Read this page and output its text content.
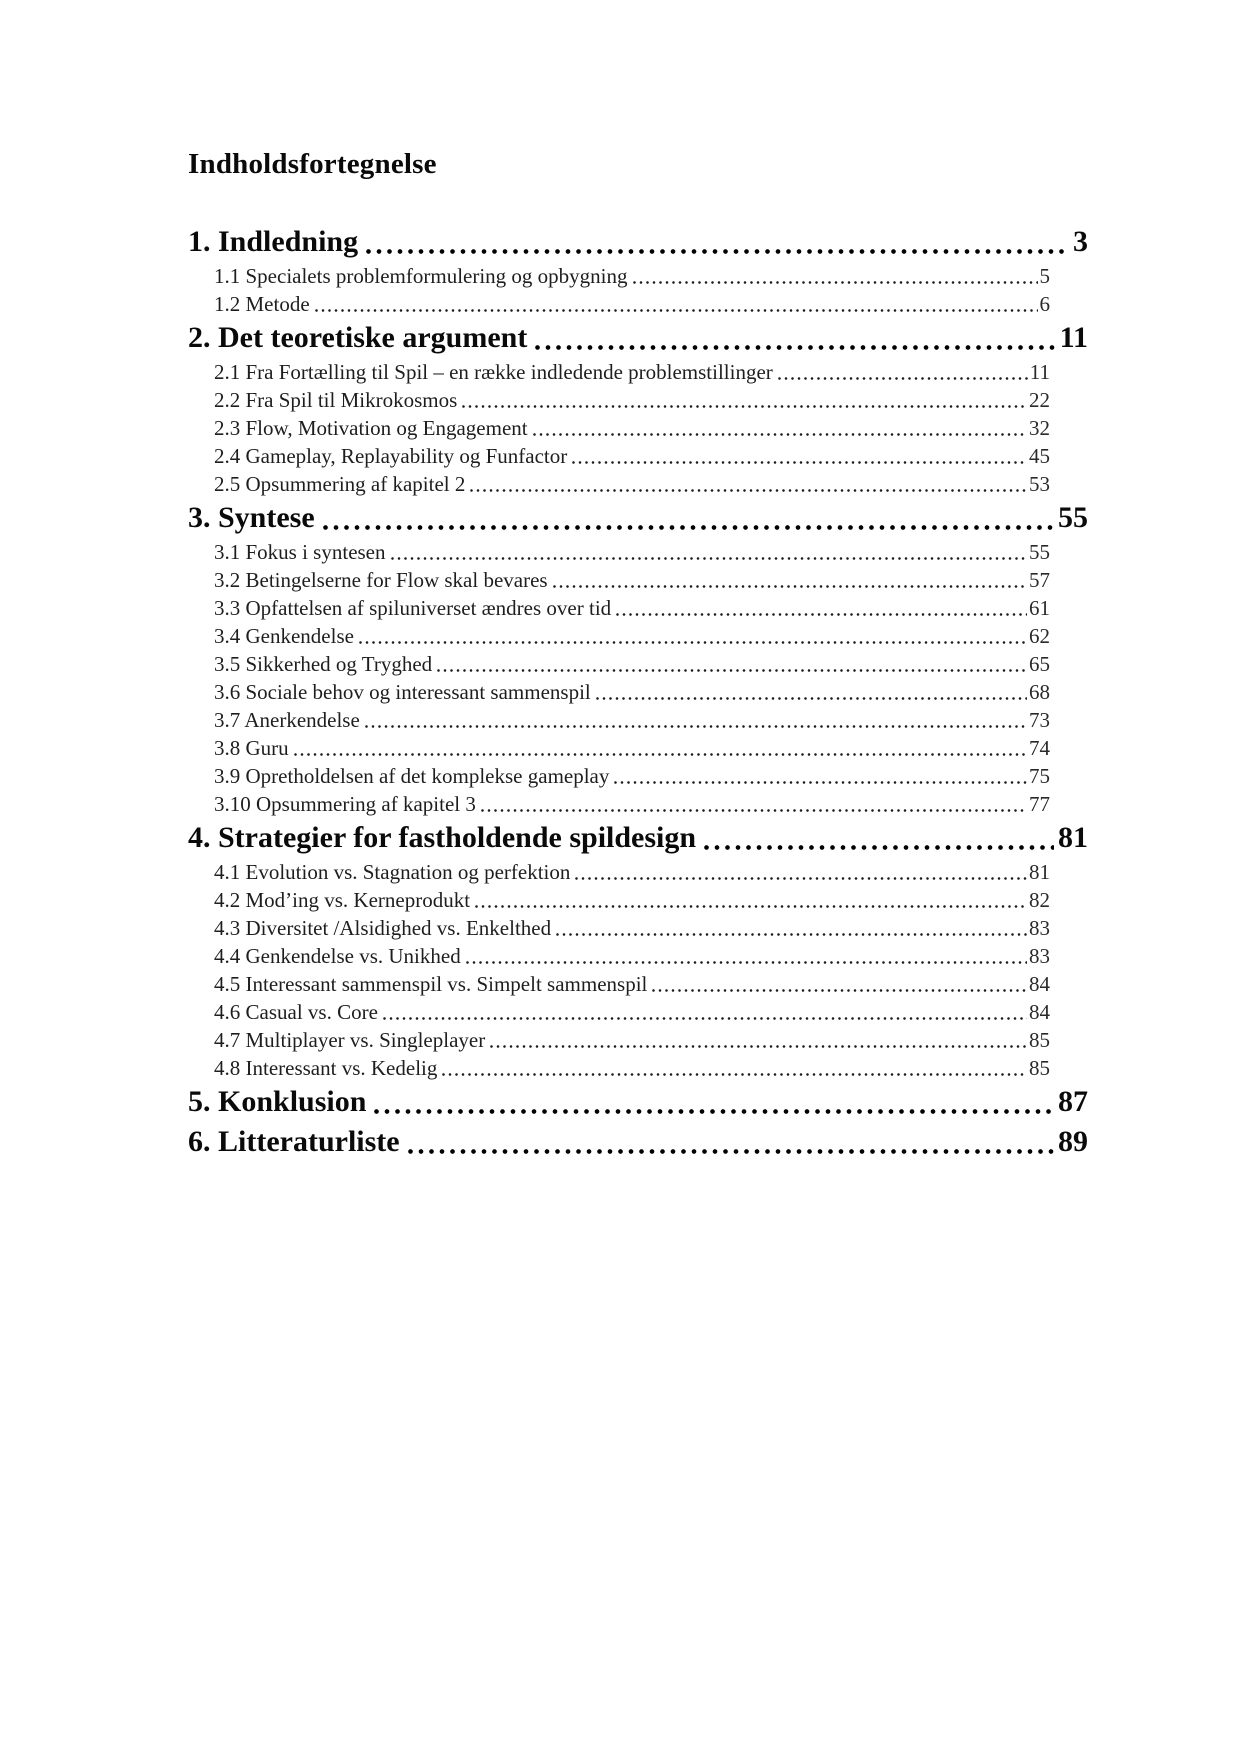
Indholdsfortegnelse
1. Indledning	3
1.1 Specialets problemformulering og opbygning	5
1.2 Metode	6
2. Det teoretiske argument	11
2.1 Fra Fortælling til Spil – en række indledende problemstillinger	11
2.2 Fra Spil til Mikrokosmos	22
2.3 Flow, Motivation og Engagement	32
2.4 Gameplay, Replayability og Funfactor	45
2.5 Opsummering af kapitel 2	53
3. Syntese	55
3.1 Fokus i syntesen	55
3.2 Betingelserne for Flow skal bevares	57
3.3 Opfattelsen af spiluniverset ændres over tid	61
3.4 Genkendelse	62
3.5 Sikkerhed og Tryghed	65
3.6 Sociale behov og interessant sammenspil	68
3.7 Anerkendelse	73
3.8 Guru	74
3.9 Opretholdelsen af det komplekse gameplay	75
3.10 Opsummering af kapitel 3	77
4. Strategier for fastholdende spildesign	81
4.1 Evolution vs. Stagnation og perfektion	81
4.2 Mod’ing vs. Kerneprodukt	82
4.3 Diversitet /Alsidighed vs. Enkelthed	83
4.4 Genkendelse vs. Unikhed	83
4.5 Interessant sammenspil vs. Simpelt sammenspil	84
4.6 Casual vs. Core	84
4.7 Multiplayer vs. Singleplayer	85
4.8 Interessant vs. Kedelig	85
5. Konklusion	87
6. Litteraturliste	89
